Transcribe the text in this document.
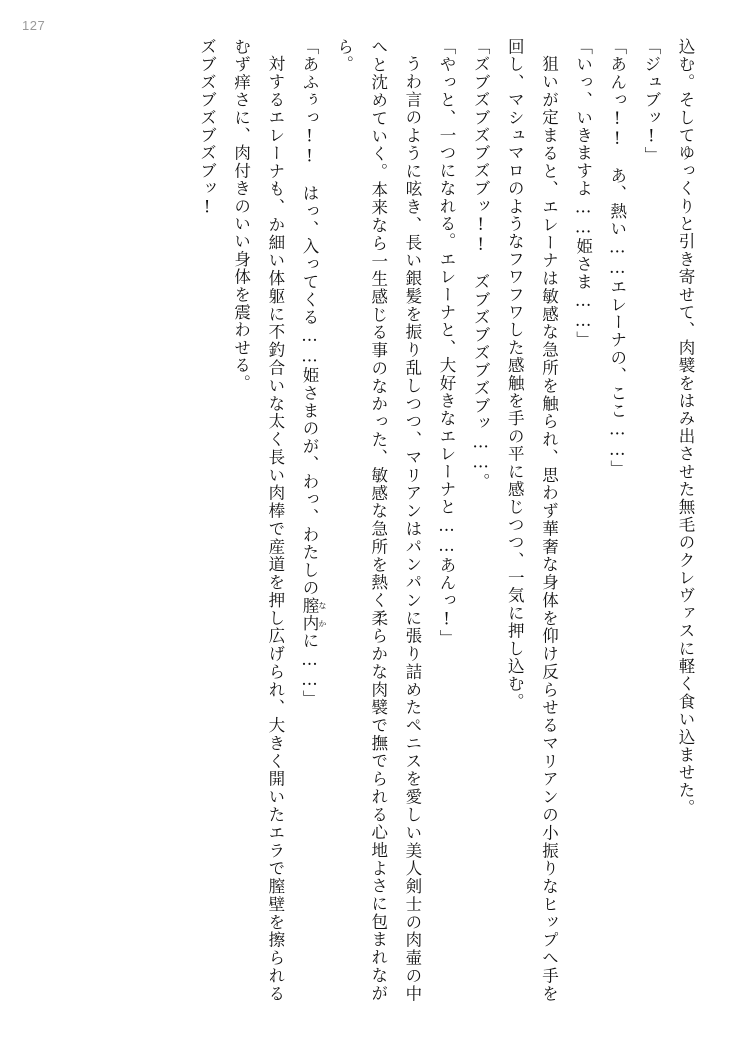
127

込む。そしてゆっくりと引き寄せて、肉襞をはみ出させた無毛のクレヴァスに軽く食い込ませた。

「ジュブッ!」

「あんっ!!　あ、熱い……エレーナの、ここ……」

「いっ、いきますよ……姫さま……」

狙いが定まると、エレーナは敏感な急所を触られ、思わず華奢な身体を仰け反らせるマリアンの小振りなヒップへ手を回し、マシュマロのようなフワフワした感触を手の平に感じつつ、一気に押し込む。

「ズブズブズブズブッ!!　ズブズブズブズブッ……。

「やっと、一つになれる。エレーナと、大好きなエレーナと……あんっ!」

うわ言のように呟き、長い銀髪を振り乱しつつ、マリアンはパンパンに張り詰めたペニスを愛しい美人剣士の肉壷の中へと沈めていく。本来なら一生感じる事のなかった、敏感な急所を熱く柔らかな肉襞で撫でられる心地よさに包まれながら。

「あふぅっ!!　はっ、入ってくる……姫さまのが、わっ、わたしの膣内 なかに……」

対するエレーナも、か細い体躯に不釣合いな太く長い肉棒で産道を押し広げられ、大きく開いたエラで膣壁を擦られるむず痒さに、肉付きのいい身体を震わせる。

ズブズブズブズブッ!
